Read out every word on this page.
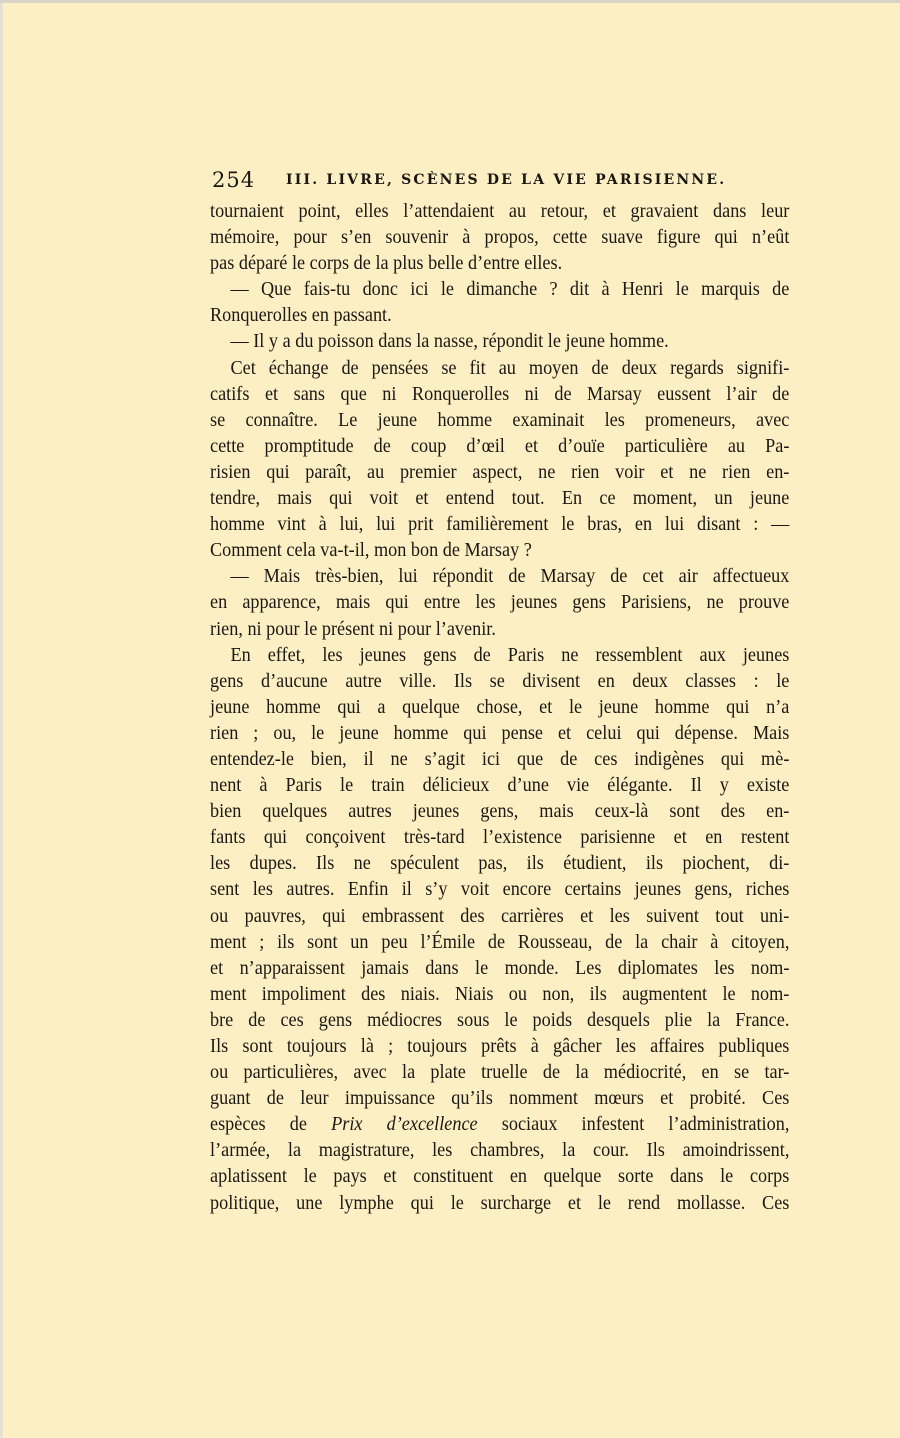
254 III. LIVRE, SCÈNES DE LA VIE PARISIENNE.
tournaient point, elles l’attendaient au retour, et gravaient dans leur
mémoire, pour s’en souvenir à propos, cette suave figure qui n’eût
pas déparé le corps de la plus belle d’entre elles.
— Que fais-tu donc ici le dimanche ? dit à Henri le marquis de
Ronquerolles en passant.
— Il y a du poisson dans la nasse, répondit le jeune homme.
Cet échange de pensées se fit au moyen de deux regards signifi-
catifs et sans que ni Ronquerolles ni de Marsay eussent l’air de
se connaître. Le jeune homme examinait les promeneurs, avec
cette promptitude de coup d’œil et d’ouïe particulière au Pa-
risien qui paraît, au premier aspect, ne rien voir et ne rien en-
tendre, mais qui voit et entend tout. En ce moment, un jeune
homme vint à lui, lui prit familièrement le bras, en lui disant : —
Comment cela va-t-il, mon bon de Marsay ?
— Mais très-bien, lui répondit de Marsay de cet air affectueux
en apparence, mais qui entre les jeunes gens Parisiens, ne prouve
rien, ni pour le présent ni pour l’avenir.
En effet, les jeunes gens de Paris ne ressemblent aux jeunes
gens d’aucune autre ville. Ils se divisent en deux classes : le
jeune homme qui a quelque chose, et le jeune homme qui n’a
rien ; ou, le jeune homme qui pense et celui qui dépense. Mais
entendez-le bien, il ne s’agit ici que de ces indigènes qui mè-
nent à Paris le train délicieux d’une vie élégante. Il y existe
bien quelques autres jeunes gens, mais ceux-là sont des en-
fants qui conçoivent très-tard l’existence parisienne et en restent
les dupes. Ils ne spéculent pas, ils étudient, ils piochent, di-
sent les autres. Enfin il s’y voit encore certains jeunes gens, riches
ou pauvres, qui embrassent des carrières et les suivent tout uni-
ment ; ils sont un peu l’Émile de Rousseau, de la chair à citoyen,
et n’apparaissent jamais dans le monde. Les diplomates les nom-
ment impoliment des niais. Niais ou non, ils augmentent le nom-
bre de ces gens médiocres sous le poids desquels plie la France.
Ils sont toujours là ; toujours prêts à gâcher les affaires publiques
ou particulières, avec la plate truelle de la médiocrité, en se tar-
guant de leur impuissance qu’ils nomment mœurs et probité. Ces
espèces de Prix d’excellence sociaux infestent l’administration,
l’armée, la magistrature, les chambres, la cour. Ils amoindrissent,
aplatissent le pays et constituent en quelque sorte dans le corps
politique, une lymphe qui le surcharge et le rend mollasse. Ces
